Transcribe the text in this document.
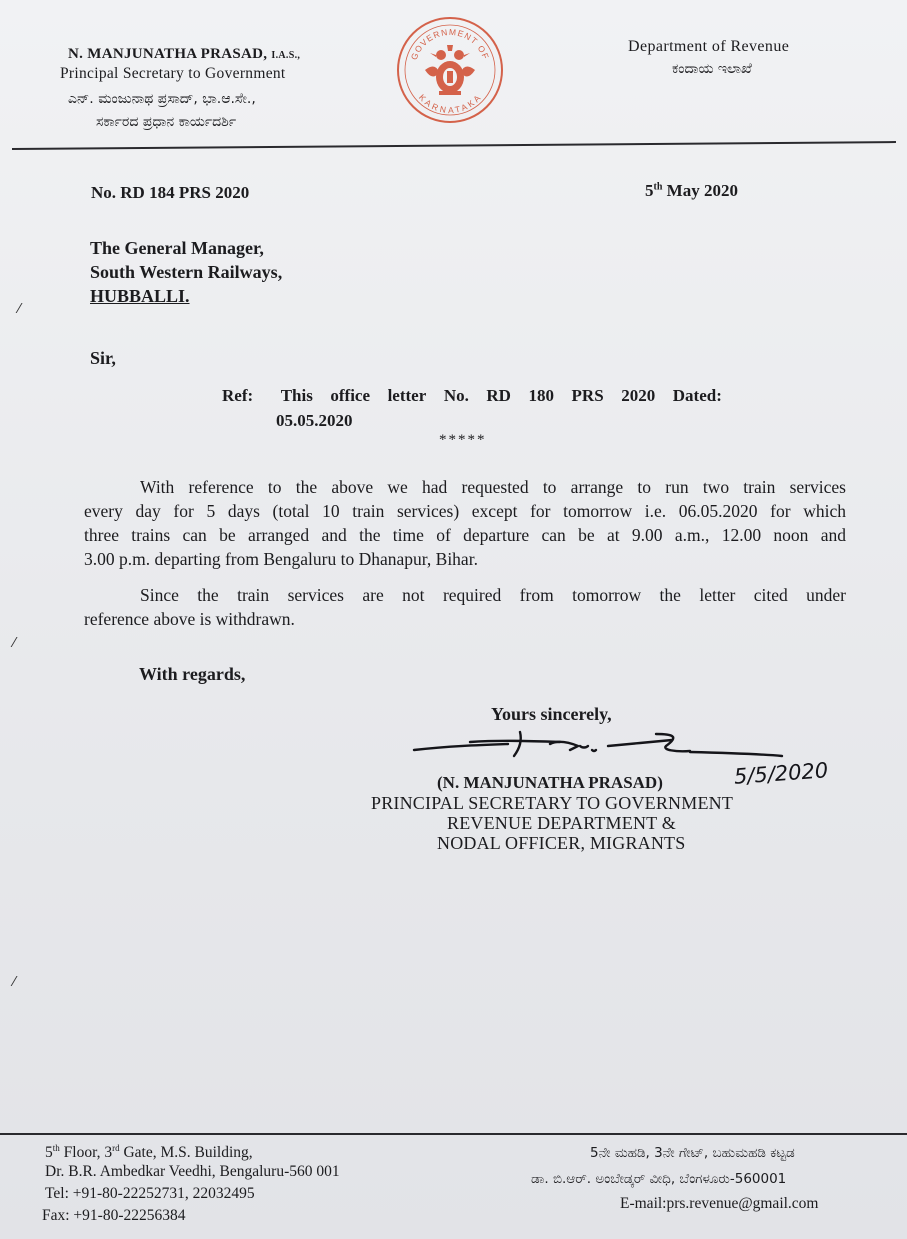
N. MANJUNATHA PRASAD, I.A.S.,
Principal Secretary to Government
ಎನ್. ಮಂಜುನಾಥ ಪ್ರಸಾದ್, ಭಾ.ಆ.ಸೇ.,
ಸರ್ಕಾರದ ಪ್ರಧಾನ ಕಾರ್ಯದರ್ಶಿ
GOVERNMENT OF
KARNATAKA
Department of Revenue
ಕಂದಾಯ ಇಲಾಖೆ
No. RD 184 PRS 2020	5th May 2020
The General Manager,
South Western Railways,
HUBBALLI.
Sir,
Ref: This office letter No. RD 180 PRS 2020 Dated:
05.05.2020
*****
With reference to the above we had requested to arrange to run two train services
every day for 5 days (total 10 train services) except for tomorrow i.e. 06.05.2020 for which
three trains can be arranged and the time of departure can be at 9.00 a.m., 12.00 noon and
3.00 p.m. departing from Bengaluru to Dhanapur, Bihar.
Since the train services are not required from tomorrow the letter cited under
reference above is withdrawn.
With regards,
Yours sincerely,
5/5/2020
(N. MANJUNATHA PRASAD)
PRINCIPAL SECRETARY TO GOVERNMENT
REVENUE DEPARTMENT &
NODAL OFFICER, MIGRANTS
⁄
⁄
⁄
5th Floor, 3rd Gate, M.S. Building,
Dr. B.R. Ambedkar Veedhi, Bengaluru-560 001
Tel: +91-80-22252731, 22032495
Fax: +91-80-22256384
5ನೇ ಮಹಡಿ, 3ನೇ ಗೇಟ್, ಬಹುಮಹಡಿ ಕಟ್ಟಡ
ಡಾ. ಬಿ.ಆರ್. ಅಂಬೇಡ್ಕರ್ ವೀಧಿ, ಬೆಂಗಳೂರು-560001
E-mail:prs.revenue@gmail.com
